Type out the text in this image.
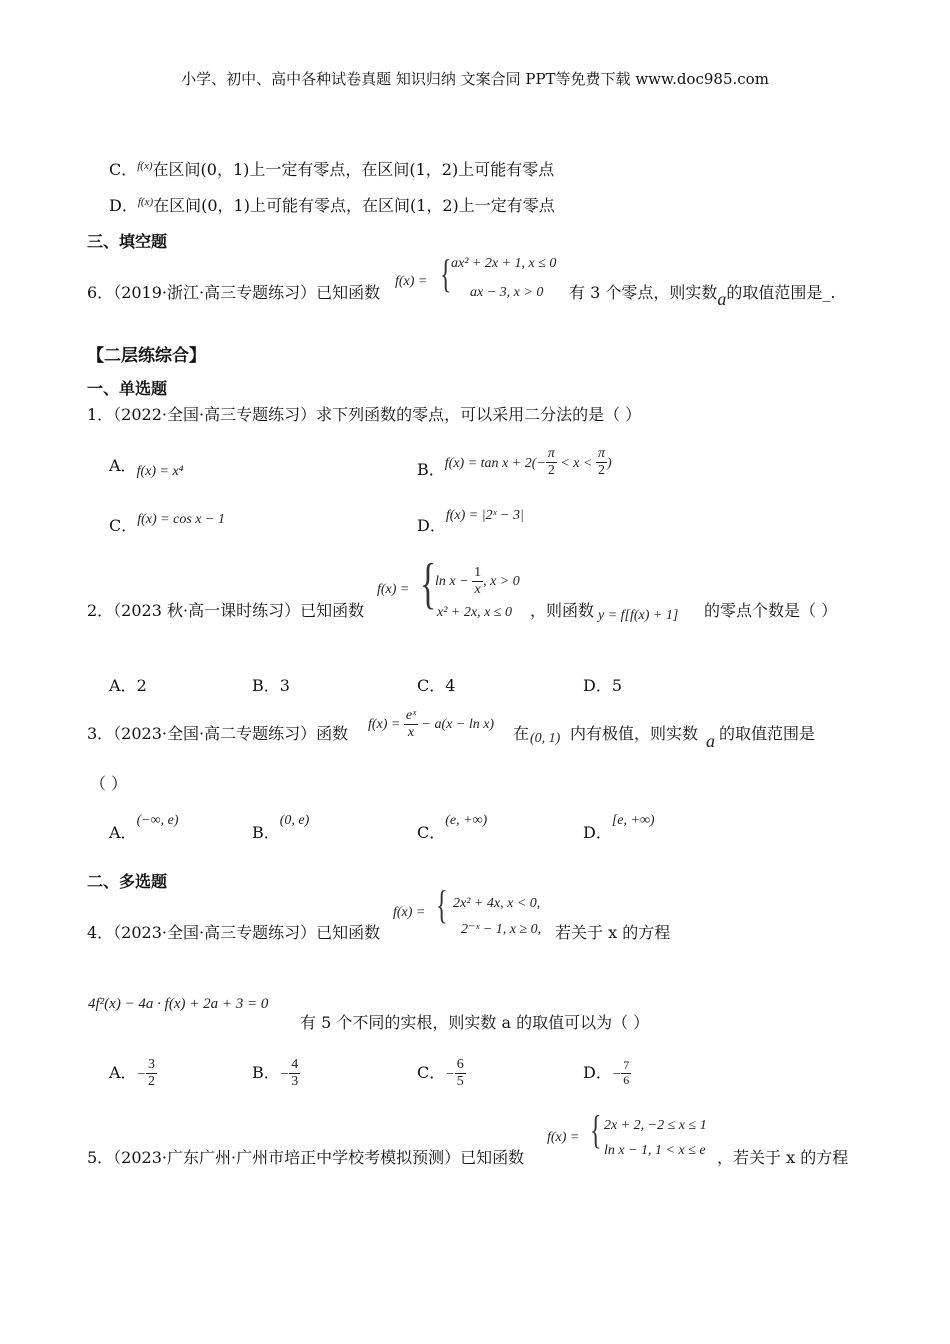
小学、初中、高中各种试卷真题 知识归纳 文案合同 PPT等免费下载 www.doc985.com
C．$^{f(x)}$在区间(0，1)上一定有零点，在区间(1，2)上可能有零点
D．$^{f(x)}$在区间(0，1)上可能有零点，在区间(1，2)上一定有零点
三、填空题
6．（2019·浙江·高三专题练习）已知函数
f(x) = { ax² + 2x + 1, x ≤ 0
ax − 3, x > 0 有 3 个零点，则实数a的取值范围是_.
【二层练综合】
一、单选题
1．（2022·全国·高三专题练习）求下列函数的零点，可以采用二分法的是（ ）
A．f(x) = x⁴	B．$f(x) = \tan x + 2(- \frac{\pi}{2} < x < \frac{\pi}{2}$ )
C．f(x) = cos x − 1	D．f(x) = |2ˣ − 3|
2．（2023 秋·高一课时练习）已知函数
f(x) = {
$\ln x - \frac{1}{x}$ , x > 0
x² + 2x, x ≤ 0 ，则函数 y = f[f(x) + 1] 的零点个数是（ ）
A．2	B．3	C．4	D．5
3．（2023·全国·高二专题练习）函数 $f(x) = \frac{\text{eˣ}}{x} - a(x - \ln x)$ 在 (0, 1) 内有极值，则实数 a 的取值范围是
（ ）
A．(−∞, e)
B．(0, e)
C．(e, +∞)
D．[e, +∞)
二、多选题
4．（2023·全国·高三专题练习）已知函数
f(x) = { 2x² + 4x, x < 0,
2⁻ˣ − 1, x ≥ 0, 若关于 x 的方程
4f²(x) − 4a · f(x) + 2a + 3 = 0
有 5 个不同的实根，则实数 a 的取值可以为（ ）
A．− $\frac{3}{2}$	B．− $\frac{4}{3}$	C．− $\frac{6}{5}$	D．− $\frac{7}{6}$
5．（2023·广东广州·广州市培正中学校考模拟预测）已知函数
f(x) = { 2x + 2, −2 ≤ x ≤ 1
ln x − 1, 1 < x ≤ e ，若关于 x 的方程
